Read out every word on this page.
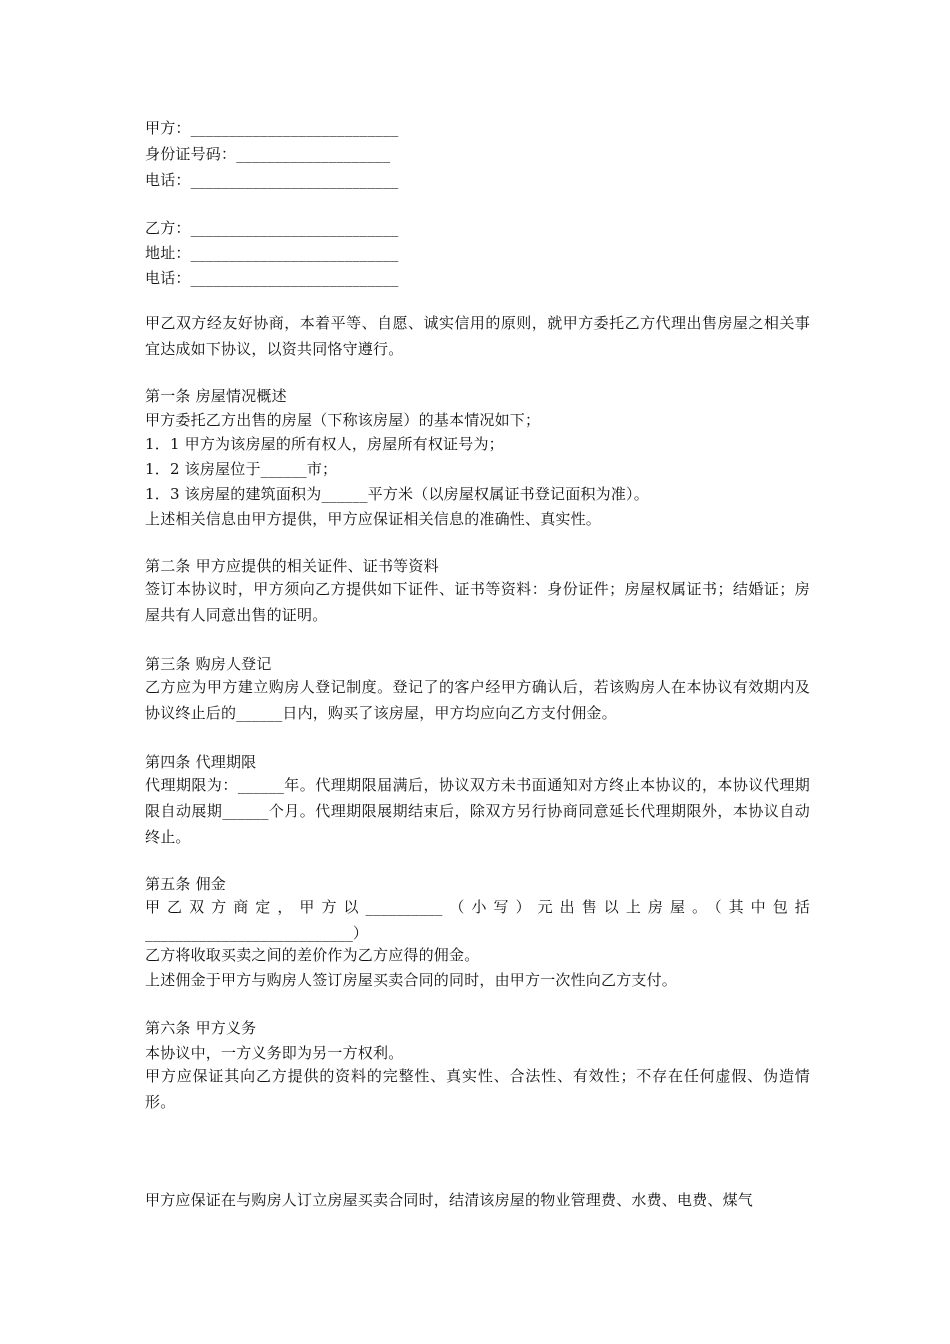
甲方：___________________________
身份证号码：____________________
电话：___________________________
乙方：___________________________
地址：___________________________
电话：___________________________
甲乙双方经友好协商，本着平等、自愿、诚实信用的原则，就甲方委托乙方代理出售房屋之相关事宜达成如下协议，以资共同恪守遵行。
第一条 房屋情况概述
甲方委托乙方出售的房屋（下称该房屋）的基本情况如下；
1．1 甲方为该房屋的所有权人，房屋所有权证号为；
1．2 该房屋位于______市；
1．3 该房屋的建筑面积为______平方米（以房屋权属证书登记面积为准）。
上述相关信息由甲方提供，甲方应保证相关信息的准确性、真实性。
第二条 甲方应提供的相关证件、证书等资料
签订本协议时，甲方须向乙方提供如下证件、证书等资料：身份证件；房屋权属证书；结婚证；房屋共有人同意出售的证明。
第三条 购房人登记
乙方应为甲方建立购房人登记制度。登记了的客户经甲方确认后，若该购房人在本协议有效期内及协议终止后的______日内，购买了该房屋，甲方均应向乙方支付佣金。
第四条 代理期限
代理期限为：______年。代理期限届满后，协议双方未书面通知对方终止本协议的，本协议代理期限自动展期______个月。代理期限展期结束后，除双方另行协商同意延长代理期限外，本协议自动终止。
第五条 佣金
甲乙双方商定，甲方以__________（小写）元出售以上房屋。（其中包括___________________________）
乙方将收取买卖之间的差价作为乙方应得的佣金。
上述佣金于甲方与购房人签订房屋买卖合同的同时，由甲方一次性向乙方支付。
第六条 甲方义务
本协议中，一方义务即为另一方权利。
甲方应保证其向乙方提供的资料的完整性、真实性、合法性、有效性；不存在任何虚假、伪造情形。
甲方应保证在与购房人订立房屋买卖合同时，结清该房屋的物业管理费、水费、电费、煤气
